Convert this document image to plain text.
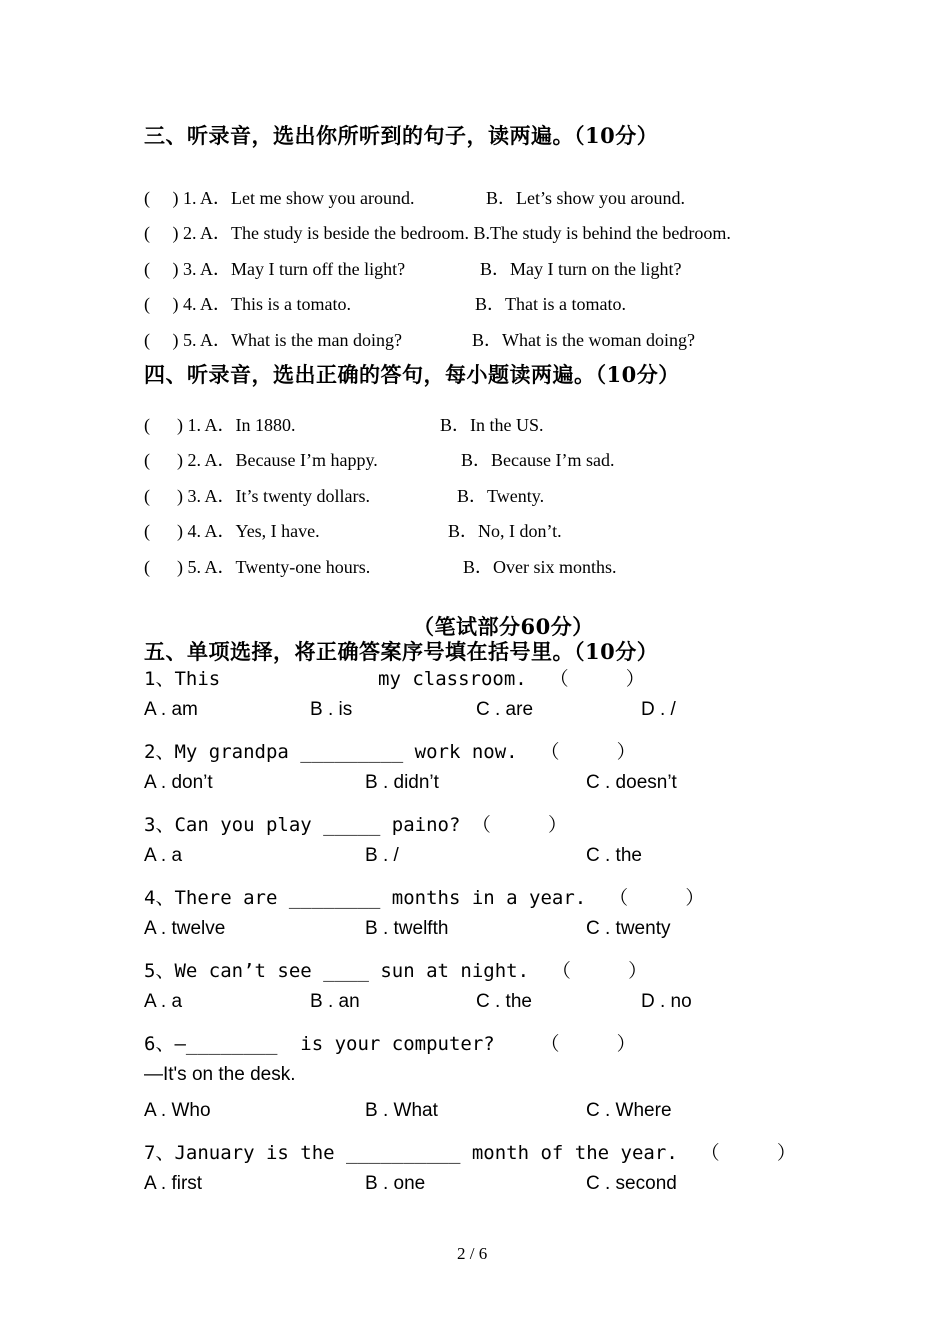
三、听录音，选出你所听到的句子，读两遍。（10分）
(     ) 1. A．Let me show you around.	B．Let’s show you around.
(     ) 2. A．The study is beside the bedroom. B.The study is behind the bedroom.
(     ) 3. A．May I turn off the light?	B．May I turn on the light?
(     ) 4. A．This is a tomato.	B．That is a tomato.
(     ) 5. A．What is the man doing?	B．What is the woman doing?
四、听录音，选出正确的答句，每小题读两遍。（10分）
(      ) 1. A．In 1880.	B．In the US.
(      ) 2. A．Because I’m happy.	B．Because I’m sad.
(      ) 3. A．It’s twenty dollars.	B．Twenty.
(      ) 4. A．Yes, I have.	B．No, I don’t.
(      ) 5. A．Twenty-one hours.	B．Over six months.
（笔试部分60分）
五、单项选择，将正确答案序号填在括号里。（10分）
1、This	my classroom.  （     ）
A . am	B . is	C . are	D . /
2、My grandpa _________ work now.  （     ）
A . don’t	B . didn’t	C . doesn’t
3、Can you play _____ paino? （     ）
A . a	B . /	C . the
4、There are ________ months in a year.  （     ）
A . twelve	B . twelfth	C . twenty
5、We can’t see ____ sun at night.  （     ）
A . a	B . an	C . the	D . no
6、—________  is your computer?    （     ）
—It's on the desk.
A . Who	B . What	C . Where
7、January is the __________ month of the year.  （     ）
A . first	B . one	C . second
2 / 6
